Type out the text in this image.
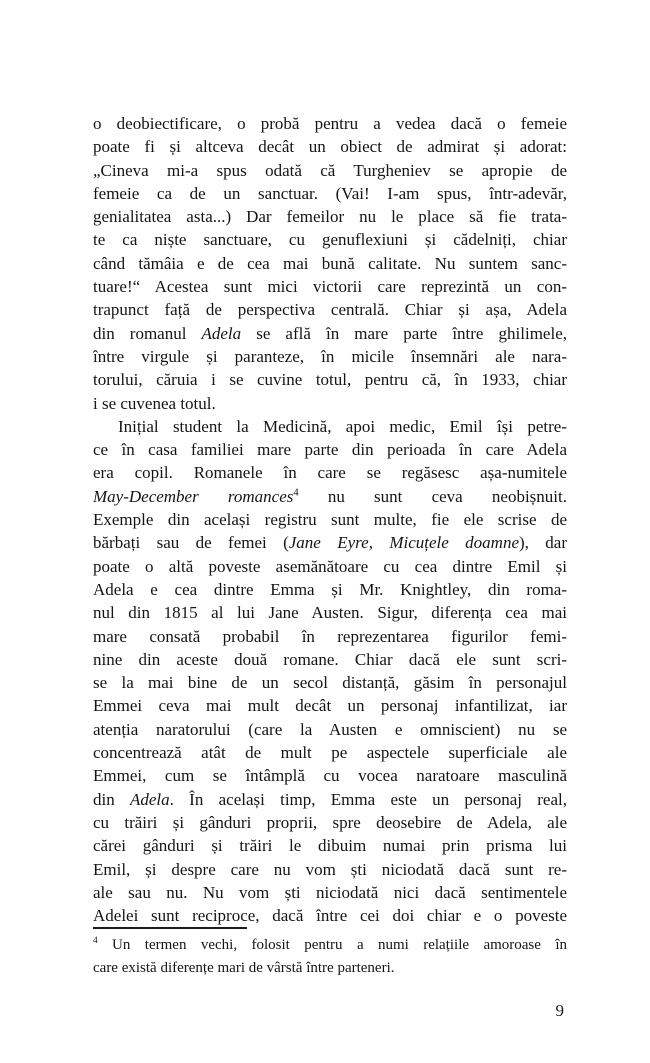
o deobiectificare, o probă pentru a vedea dacă o femeie
poate fi și altceva decât un obiect de admirat și adorat:
„Cineva mi-a spus odată că Turgheniev se apropie de
femeie ca de un sanctuar. (Vai! I-am spus, într-adevăr,
genialitatea asta...) Dar femeilor nu le place să fie trata-
te ca niște sanctuare, cu genuflexiuni și cădelniți, chiar
când tămâia e de cea mai bună calitate. Nu suntem sanc-
tuare!“ Acestea sunt mici victorii care reprezintă un con-
trapunct față de perspectiva centrală. Chiar și așa, Adela
din romanul Adela se află în mare parte între ghilimele,
între virgule și paranteze, în micile însemnări ale nara-
torului, căruia i se cuvine totul, pentru că, în 1933, chiar
i se cuvenea totul.
Inițial student la Medicină, apoi medic, Emil își petre-
ce în casa familiei mare parte din perioada în care Adela
era copil. Romanele în care se regăsesc așa-numitele
May-December romances$^4$ nu sunt ceva neobișnuit.
Exemple din același registru sunt multe, fie ele scrise de
bărbați sau de femei (Jane Eyre, Micuțele doamne), dar
poate o altă poveste asemănătoare cu cea dintre Emil și
Adela e cea dintre Emma și Mr. Knightley, din roma-
nul din 1815 al lui Jane Austen. Sigur, diferența cea mai
mare consată probabil în reprezentarea figurilor femi-
nine din aceste două romane. Chiar dacă ele sunt scri-
se la mai bine de un secol distanță, găsim în personajul
Emmei ceva mai mult decât un personaj infantilizat, iar
atenția naratorului (care la Austen e omniscient) nu se
concentrează atât de mult pe aspectele superficiale ale
Emmei, cum se întâmplă cu vocea naratoare masculină
din Adela. În același timp, Emma este un personaj real,
cu trăiri și gânduri proprii, spre deosebire de Adela, ale
cărei gânduri și trăiri le dibuim numai prin prisma lui
Emil, și despre care nu vom ști niciodată dacă sunt re-
ale sau nu. Nu vom ști niciodată nici dacă sentimentele
Adelei sunt reciproce, dacă între cei doi chiar e o poveste
$^4$ Un termen vechi, folosit pentru a numi relațiile amoroase în
care există diferențe mari de vârstă între parteneri.
9
